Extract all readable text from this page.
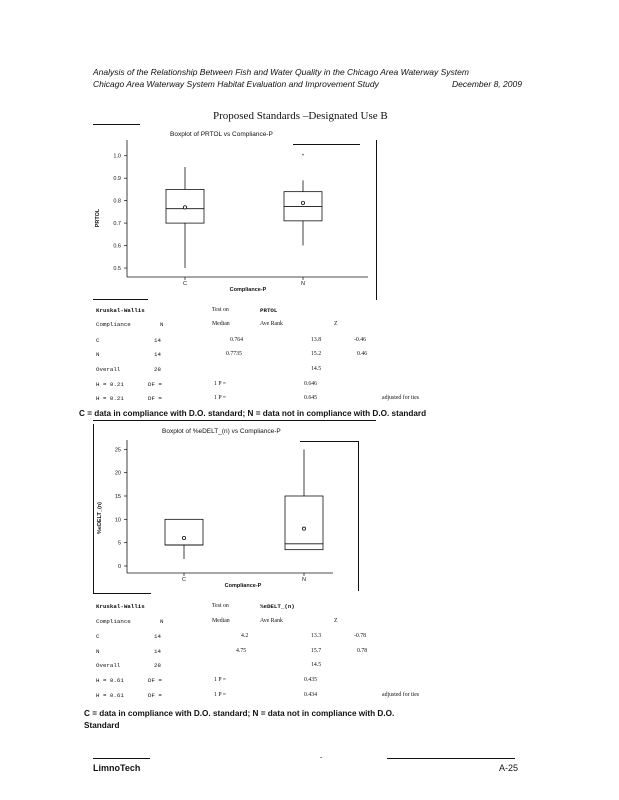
Analysis of the Relationship Between Fish and Water Quality in the Chicago Area Waterway System
Chicago Area Waterway System Habitat Evaluation and Improvement Study	December 8, 2009
Proposed Standards –Designated Use B
Boxplot of PRTOL vs Compliance-P
0.5
0.6
0.7
0.8
0.9
1.0
C	N
*
PRTOL
Compliance-P
Kruskal-Wallis	Test on	PRTOL
Compliance	N	Median	Ave Rank	Z
C	14	0.764	13.8	-0.46
N	14	0.7735	15.2	0.46
Overall	28	14.5
H = 0.21	DF =	1 P =	0.646
H = 0.21	DF =	1 P =	0.645	adjusted for ties
C = data in compliance with D.O. standard; N = data not in compliance with D.O. standard
Boxplot of %eDELT_(n) vs Compliance-P
0
5
10
15
20
25
C	N
%eDELT_(n)
Compliance-P
Kruskal-Wallis	Test on	%eDELT_(n)
Compliance	N	Median	Ave Rank	Z
C	14	4.2	13.3	-0.78
N	14	4.75	15.7	0.78
Overall	28	14.5
H = 0.61	DF =	1 P =	0.435
H = 0.61	DF =	1 P =	0.434	adjusted for ties
C = data in compliance with D.O. standard; N = data not in compliance with D.O.
Standard
-
LimnoTech	A-25
